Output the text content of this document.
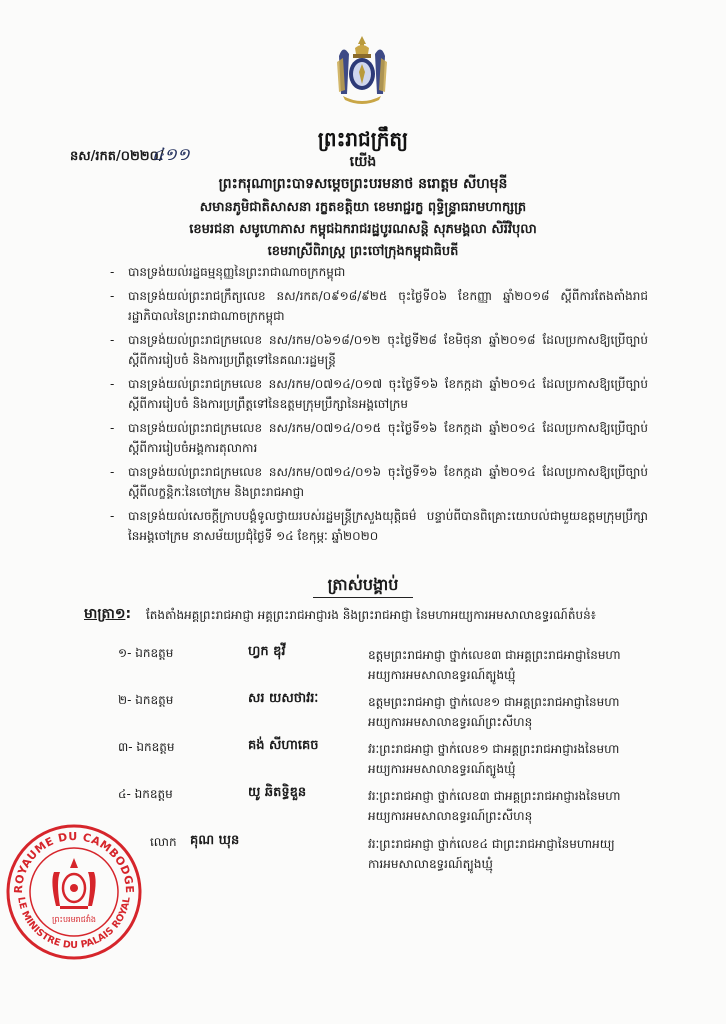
ព្រះរាជក្រឹត្យ
នស/រកត/០២២០/
៤១១	យើង
ព្រះករុណាព្រះបាទសម្តេចព្រះបរមនាថ នរោត្តម សីហមុនី
សមានភូមិជាតិសាសនា រក្ខតខត្តិយា ខេមរាជ្ជរក្ខ ពុទ្ធិន្ទ្រាធរាមហាក្សត្រ
ខេមរជនា សមូហោភាស កម្ពុជឯករាជរដ្ឋបូរណសន្តិ សុភមង្គលា សិរីវិបុលា
ខេមរាស្រីពិរាស្ត្រ ព្រះចៅក្រុងកម្ពុជាធិបតី
- បានទ្រង់យល់រដ្ឋធម្មនុញ្ញនៃព្រះរាជាណាចក្រកម្ពុជា
- បានទ្រង់យល់ព្រះរាជក្រឹត្យលេខ នស/រកត/០៩១៨/៩២៥ ចុះថ្ងៃទី០៦ ខែកញ្ញា ឆ្នាំ២០១៨ ស្តីពីការតែងតាំងរាជរដ្ឋាភិបាលនៃព្រះរាជាណាចក្រកម្ពុជា
- បានទ្រង់យល់ព្រះរាជក្រមលេខ នស/រកម/០៦១៨/០១២ ចុះថ្ងៃទី២៨ ខែមិថុនា ឆ្នាំ២០១៨ ដែលប្រកាសឱ្យប្រើច្បាប់ស្តីពីការរៀបចំ និងការប្រព្រឹត្តទៅនៃគណៈរដ្ឋមន្ត្រី
- បានទ្រង់យល់ព្រះរាជក្រមលេខ នស/រកម/០៧១៤/០១៧ ចុះថ្ងៃទី១៦ ខែកក្កដា ឆ្នាំ២០១៤ ដែលប្រកាសឱ្យប្រើច្បាប់ស្តីពីការរៀបចំ និងការប្រព្រឹត្តទៅនៃឧត្តមក្រុមប្រឹក្សានៃអង្គចៅក្រម
- បានទ្រង់យល់ព្រះរាជក្រមលេខ នស/រកម/០៧១៤/០១៥ ចុះថ្ងៃទី១៦ ខែកក្កដា ឆ្នាំ២០១៤ ដែលប្រកាសឱ្យប្រើច្បាប់ស្តីពីការរៀបចំអង្គការតុលាការ
- បានទ្រង់យល់ព្រះរាជក្រមលេខ នស/រកម/០៧១៤/០១៦ ចុះថ្ងៃទី១៦ ខែកក្កដា ឆ្នាំ២០១៤ ដែលប្រកាសឱ្យប្រើច្បាប់ស្តីពីលក្ខន្តិកៈនៃចៅក្រម និងព្រះរាជអាជ្ញា
- បានទ្រង់យល់សេចក្តីក្រាបបង្គំទូលថ្វាយរបស់រដ្ឋមន្ត្រីក្រសួងយុត្តិធម៌ បន្ទាប់ពីបានពិគ្រោះយោបល់ជាមួយឧត្តមក្រុមប្រឹក្សានៃអង្គចៅក្រម នាសម័យប្រជុំថ្ងៃទី ១៤ ខែកុម្ភៈ ឆ្នាំ២០២០
ត្រាស់បង្គាប់
មាត្រា១: តែងតាំងអគ្គព្រះរាជអាជ្ញា អគ្គព្រះរាជអាជ្ញារង និងព្រះរាជអាជ្ញា នៃមហាអយ្យការអមសាលាឧទ្ធរណ៍តំបន់៖
១- ឯកឧត្តម	ហ្វក ឌុវី	ឧត្តមព្រះរាជអាជ្ញា ថ្នាក់លេខ៣ ជាអគ្គព្រះរាជអាជ្ញានៃមហាអយ្យការអមសាលាឧទ្ធរណ៍ត្បូងឃ្មុំ
២- ឯកឧត្តម	សរ យសថាវរៈ	ឧត្តមព្រះរាជអាជ្ញា ថ្នាក់លេខ១ ជាអគ្គព្រះរាជអាជ្ញានៃមហាអយ្យការអមសាលាឧទ្ធរណ៍ព្រះសីហនុ
៣- ឯកឧត្តម	គង់ សីហាគេច	វរៈព្រះរាជអាជ្ញា ថ្នាក់លេខ១ ជាអគ្គព្រះរាជអាជ្ញារងនៃមហា អយ្យការអមសាលាឧទ្ធរណ៍ត្បូងឃ្មុំ
៤- ឯកឧត្តម	យូ ឆិតទ្ធិឌួន	វរៈព្រះរាជអាជ្ញា ថ្នាក់លេខ៣ ជាអគ្គព្រះរាជអាជ្ញារងនៃមហាអយ្យការអមសាលាឧទ្ធរណ៍ព្រះសីហនុ
លោក គុណ ឃុន	វរៈព្រះរាជអាជ្ញា ថ្នាក់លេខ៤ ជាព្រះរាជអាជ្ញានៃមហាអយ្យការអមសាលាឧទ្ធរណ៍ត្បូងឃ្មុំ
ROYAUME DU CAMBODGE
LE MINISTRE DU PALAIS ROYAL
ព្រះបរមរាជវាំង
